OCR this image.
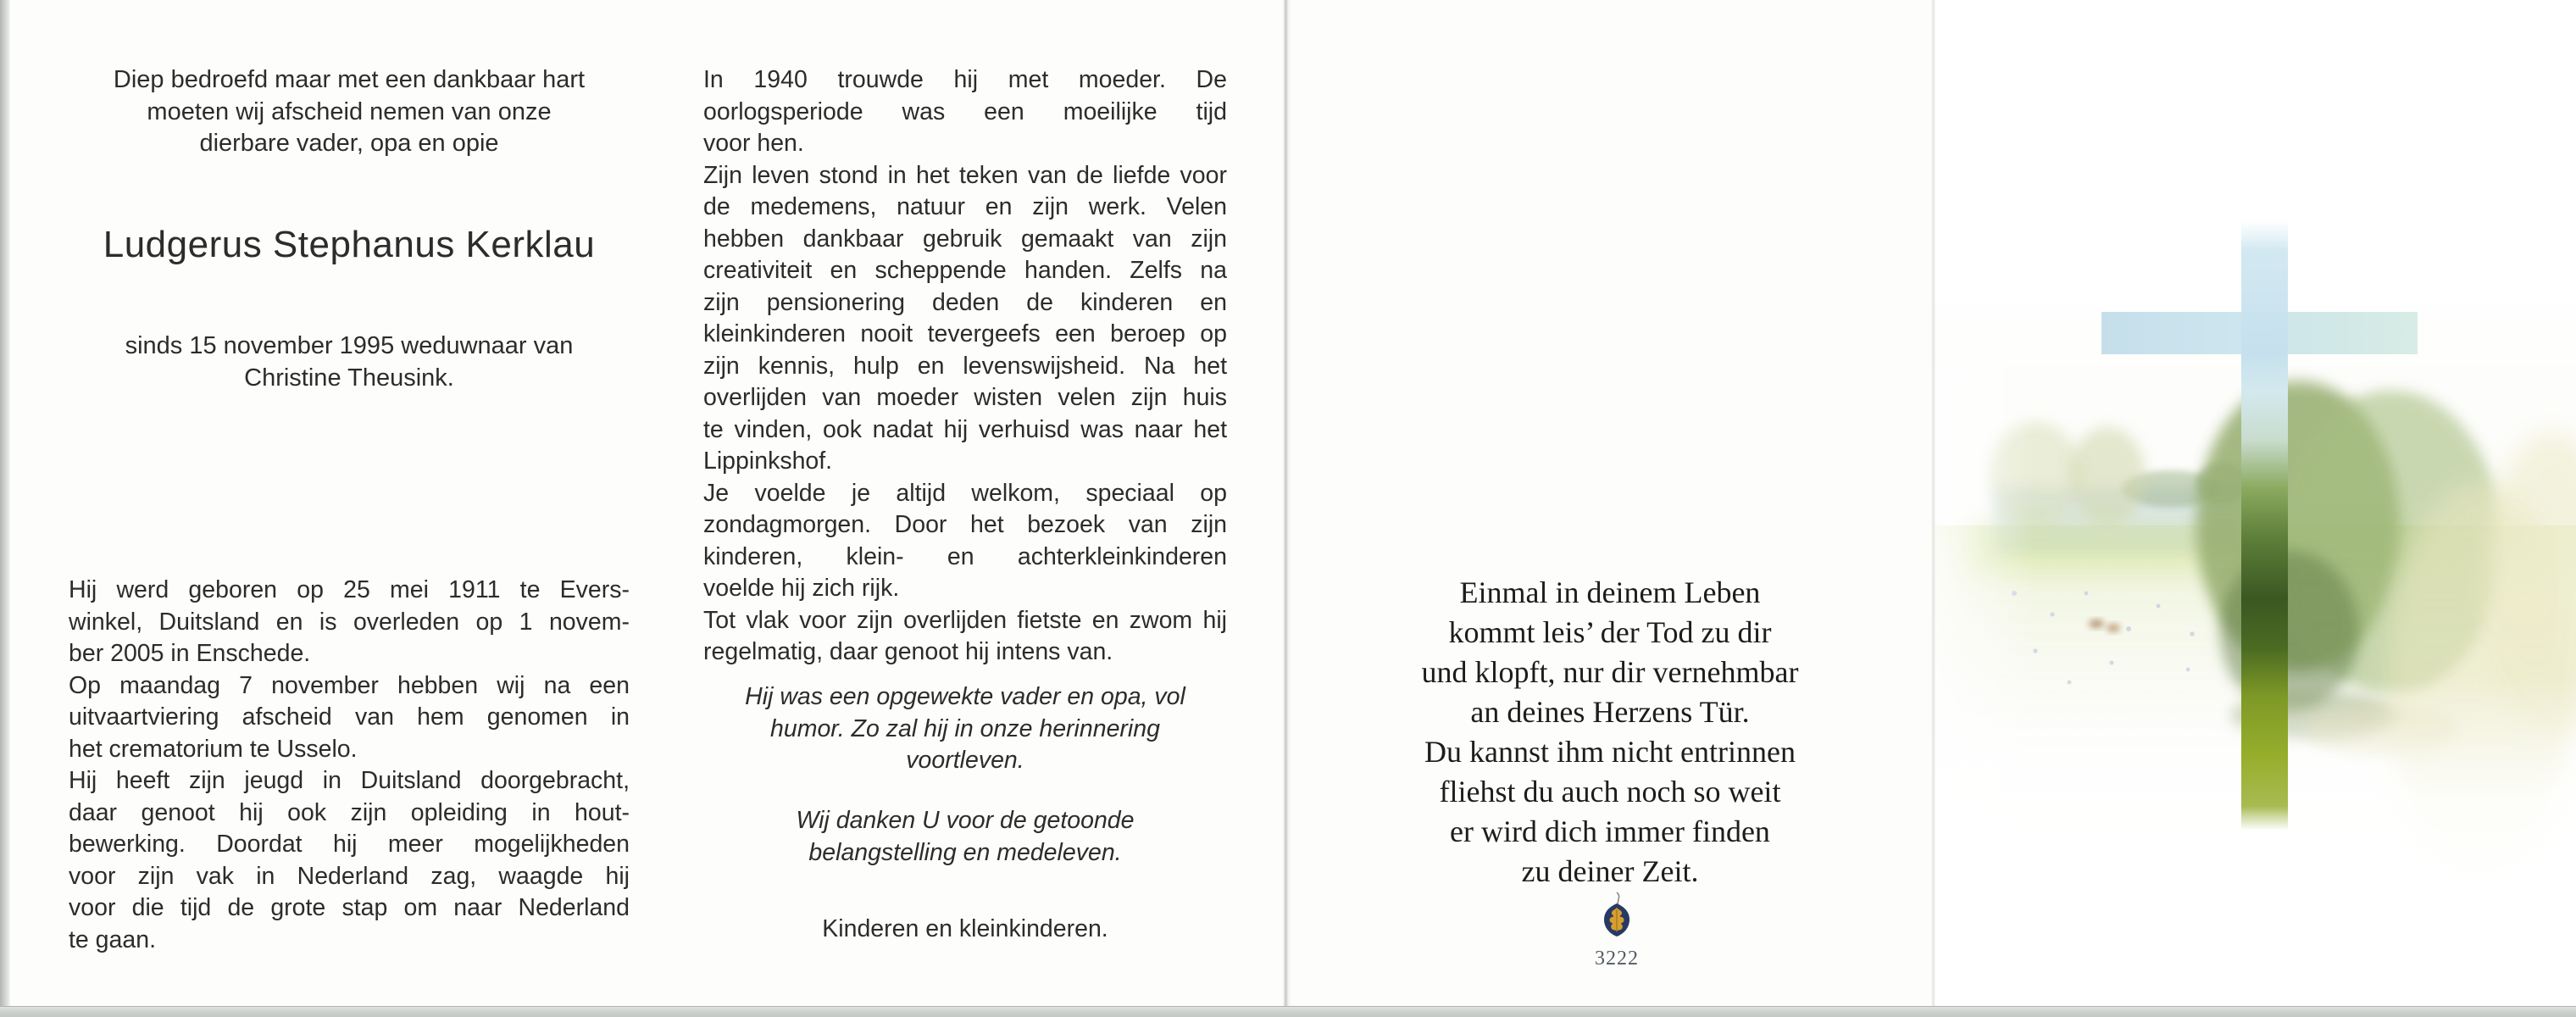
Diep bedroefd maar met een dankbaar hart
moeten wij afscheid nemen van onze
dierbare vader, opa en opie
Ludgerus Stephanus Kerklau
sinds 15 november 1995 weduwnaar van
Christine Theusink.
Hij werd geboren op 25 mei 1911 te Evers-
winkel, Duitsland en is overleden op 1 novem-
ber 2005 in Enschede.
Op maandag 7 november hebben wij na een
uitvaartviering afscheid van hem genomen in
het crematorium te Usselo.
Hij heeft zijn jeugd in Duitsland doorgebracht,
daar genoot hij ook zijn opleiding in hout-
bewerking. Doordat hij meer mogelijkheden
voor zijn vak in Nederland zag, waagde hij
voor die tijd de grote stap om naar Nederland
te gaan.
In 1940 trouwde hij met moeder. De
oorlogsperiode was een moeilijke tijd
voor hen.
Zijn leven stond in het teken van de liefde voor
de medemens, natuur en zijn werk. Velen
hebben dankbaar gebruik gemaakt van zijn
creativiteit en scheppende handen. Zelfs na
zijn pensionering deden de kinderen en
kleinkinderen nooit tevergeefs een beroep op
zijn kennis, hulp en levenswijsheid. Na het
overlijden van moeder wisten velen zijn huis
te vinden, ook nadat hij verhuisd was naar het
Lippinkshof.
Je voelde je altijd welkom, speciaal op
zondagmorgen. Door het bezoek van zijn
kinderen, klein- en achterkleinkinderen
voelde hij zich rijk.
Tot vlak voor zijn overlijden fietste en zwom hij
regelmatig, daar genoot hij intens van.
Hij was een opgewekte vader en opa, vol
humor. Zo zal hij in onze herinnering
voortleven.
Wij danken U voor de getoonde
belangstelling en medeleven.
Kinderen en kleinkinderen.
Einmal in deinem Leben
kommt leis’ der Tod zu dir
und klopft, nur dir vernehmbar
an deines Herzens Tür.
Du kannst ihm nicht entrinnen
fliehst du auch noch so weit
er wird dich immer finden
zu deiner Zeit.
3222
